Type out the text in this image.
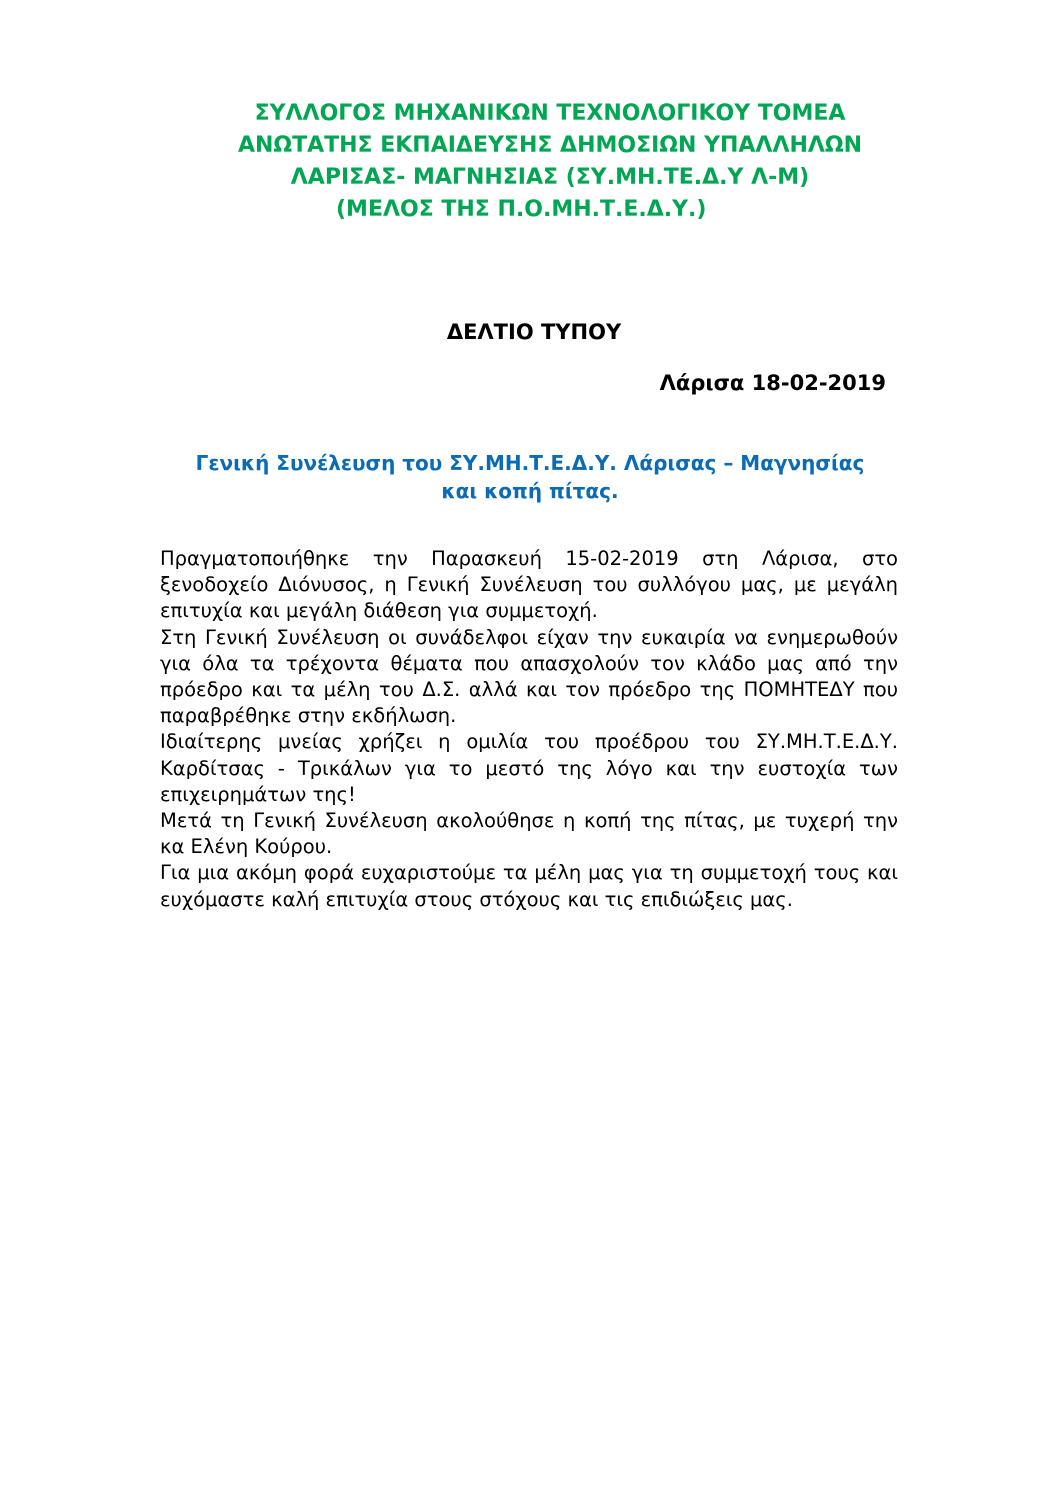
ΣΥΛΛΟΓΟΣ ΜΗΧΑΝΙΚΩΝ ΤΕΧΝΟΛΟΓΙΚΟΥ ΤΟΜΕΑ
ΑΝΩΤΑΤΗΣ ΕΚΠΑΙΔΕΥΣΗΣ ΔΗΜΟΣΙΩΝ ΥΠΑΛΛΗΛΩΝ
ΛΑΡΙΣΑΣ- ΜΑΓΝΗΣΙΑΣ (ΣΥ.ΜΗ.ΤΕ.Δ.Υ Λ-Μ)
(ΜΕΛΟΣ ΤΗΣ Π.Ο.ΜΗ.Τ.Ε.Δ.Υ.)
ΔΕΛΤΙΟ ΤΥΠΟΥ
Λάρισα 18-02-2019
Γενική Συνέλευση του ΣΥ.ΜΗ.Τ.Ε.Δ.Υ. Λάρισας – Μαγνησίας
και κοπή πίτας.

Πραγματοποιήθηκε την Παρασκευή 15-02-2019 στη Λάρισα, στο ξενοδοχείο Διόνυσος, η Γενική Συνέλευση του συλλόγου μας, με μεγάλη επιτυχία και μεγάλη διάθεση για συμμετοχή.

Στη Γενική Συνέλευση οι συνάδελφοι είχαν την ευκαιρία να ενημερωθούν για όλα τα τρέχοντα θέματα που απασχολούν τον κλάδο μας από την πρόεδρο και τα μέλη του Δ.Σ. αλλά και τον πρόεδρο της ΠΟΜΗΤΕΔΥ που παραβρέθηκε στην εκδήλωση.

Ιδιαίτερης μνείας χρήζει η ομιλία του προέδρου του ΣΥ.ΜΗ.Τ.Ε.Δ.Υ. Καρδίτσας - Τρικάλων για το μεστό της λόγο και την ευστοχία των επιχειρημάτων της!

Μετά τη Γενική Συνέλευση ακολούθησε η κοπή της πίτας, με τυχερή την κα Ελένη Κούρου.

Για μια ακόμη φορά ευχαριστούμε τα μέλη μας για τη συμμετοχή τους και ευχόμαστε καλή επιτυχία στους στόχους και τις επιδιώξεις μας.
